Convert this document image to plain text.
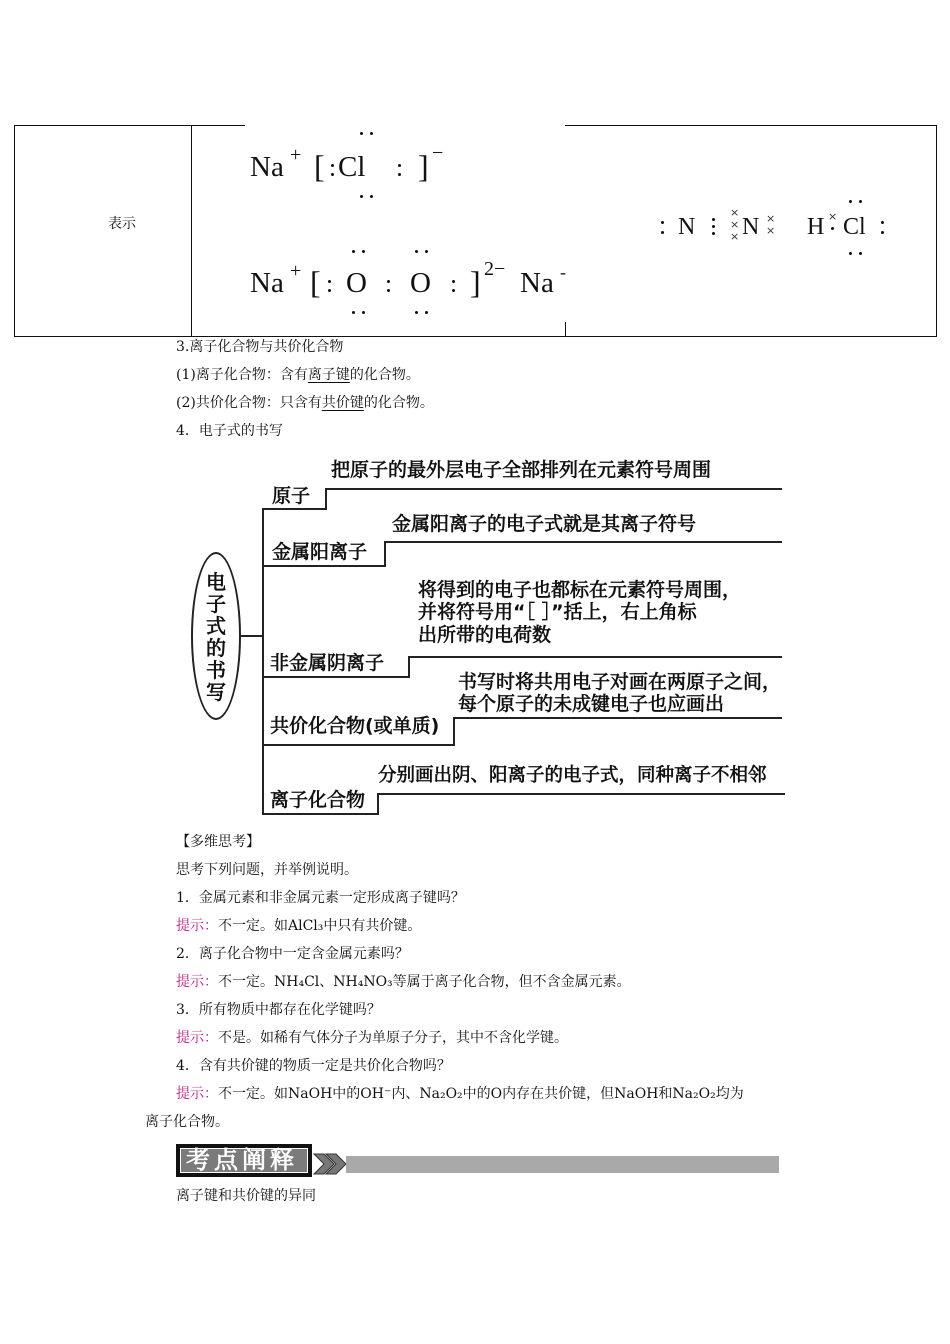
表示
Na + [ Cl ] −
Na + [ O O ] 2− Na -
N
×
×
× N ×
× H × Cl
3.离子化合物与共价化合物
(1)离子化合物：含有离子键的化合物。
(2)共价化合物：只含有共价键的化合物。
4．电子式的书写
电子式的书写
原子
把原子的最外层电子全部排列在元素符号周围
金属阳离子
金属阳离子的电子式就是其离子符号
非金属阴离子
将得到的电子也都标在元素符号周围，
并将符号用“［ ］”括上，右上角标
出所带的电荷数
共价化合物(或单质)
书写时将共用电子对画在两原子之间，
每个原子的未成键电子也应画出
离子化合物
分别画出阴、阳离子的电子式，同种离子不相邻
【多维思考】
思考下列问题，并举例说明。
1．金属元素和非金属元素一定形成离子键吗？
提示：不一定。如AlCl₃中只有共价键。
2．离子化合物中一定含金属元素吗？
提示：不一定。NH₄Cl、NH₄NO₃等属于离子化合物，但不含金属元素。
3．所有物质中都存在化学键吗？
提示：不是。如稀有气体分子为单原子分子，其中不含化学键。
4．含有共价键的物质一定是共价化合物吗？
提示：不一定。如NaOH中的OH⁻内、Na₂O₂中的O内存在共价键，但NaOH和Na₂O₂均为
离子化合物。
考点阐释
离子键和共价键的异同
